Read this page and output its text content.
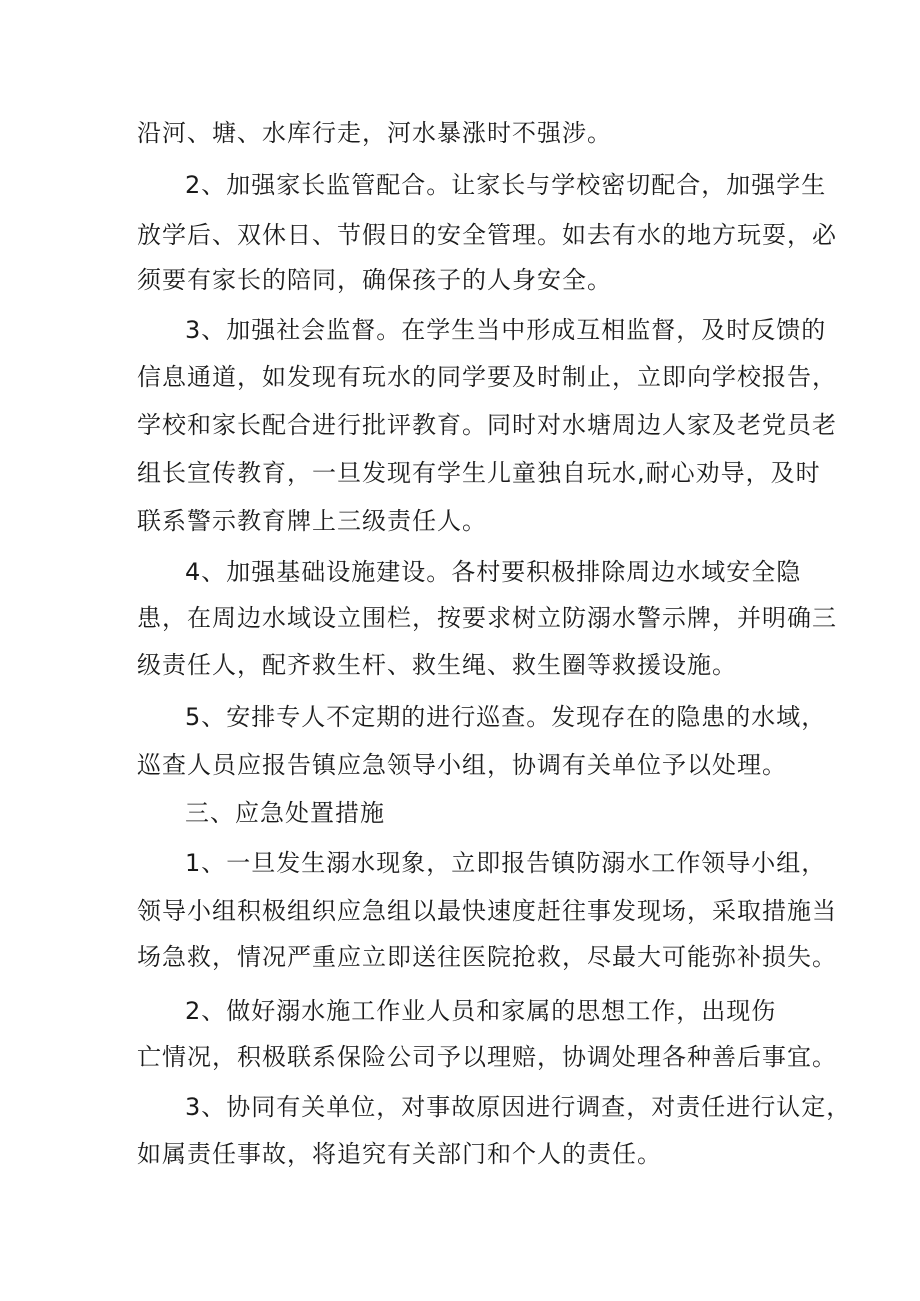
沿河、塘、水库行走，河水暴涨时不强涉。
2、加强家长监管配合。让家长与学校密切配合，加强学生
放学后、双休日、节假日的安全管理。如去有水的地方玩耍，必
须要有家长的陪同，确保孩子的人身安全。
3、加强社会监督。在学生当中形成互相监督，及时反馈的
信息通道，如发现有玩水的同学要及时制止，立即向学校报告，
学校和家长配合进行批评教育。同时对水塘周边人家及老党员老
组长宣传教育，一旦发现有学生儿童独自玩水,耐心劝导，及时
联系警示教育牌上三级责任人。
4、加强基础设施建设。各村要积极排除周边水域安全隐
患，在周边水域设立围栏，按要求树立防溺水警示牌，并明确三
级责任人，配齐救生杆、救生绳、救生圈等救援设施。
5、安排专人不定期的进行巡查。发现存在的隐患的水域，
巡查人员应报告镇应急领导小组，协调有关单位予以处理。
三、应急处置措施
1、一旦发生溺水现象，立即报告镇防溺水工作领导小组，
领导小组积极组织应急组以最快速度赶往事发现场，采取措施当
场急救，情况严重应立即送往医院抢救，尽最大可能弥补损失。
2、做好溺水施工作业人员和家属的思想工作，出现伤
亡情况，积极联系保险公司予以理赔，协调处理各种善后事宜。
3、协同有关单位，对事故原因进行调查，对责任进行认定，
如属责任事故，将追究有关部门和个人的责任。
